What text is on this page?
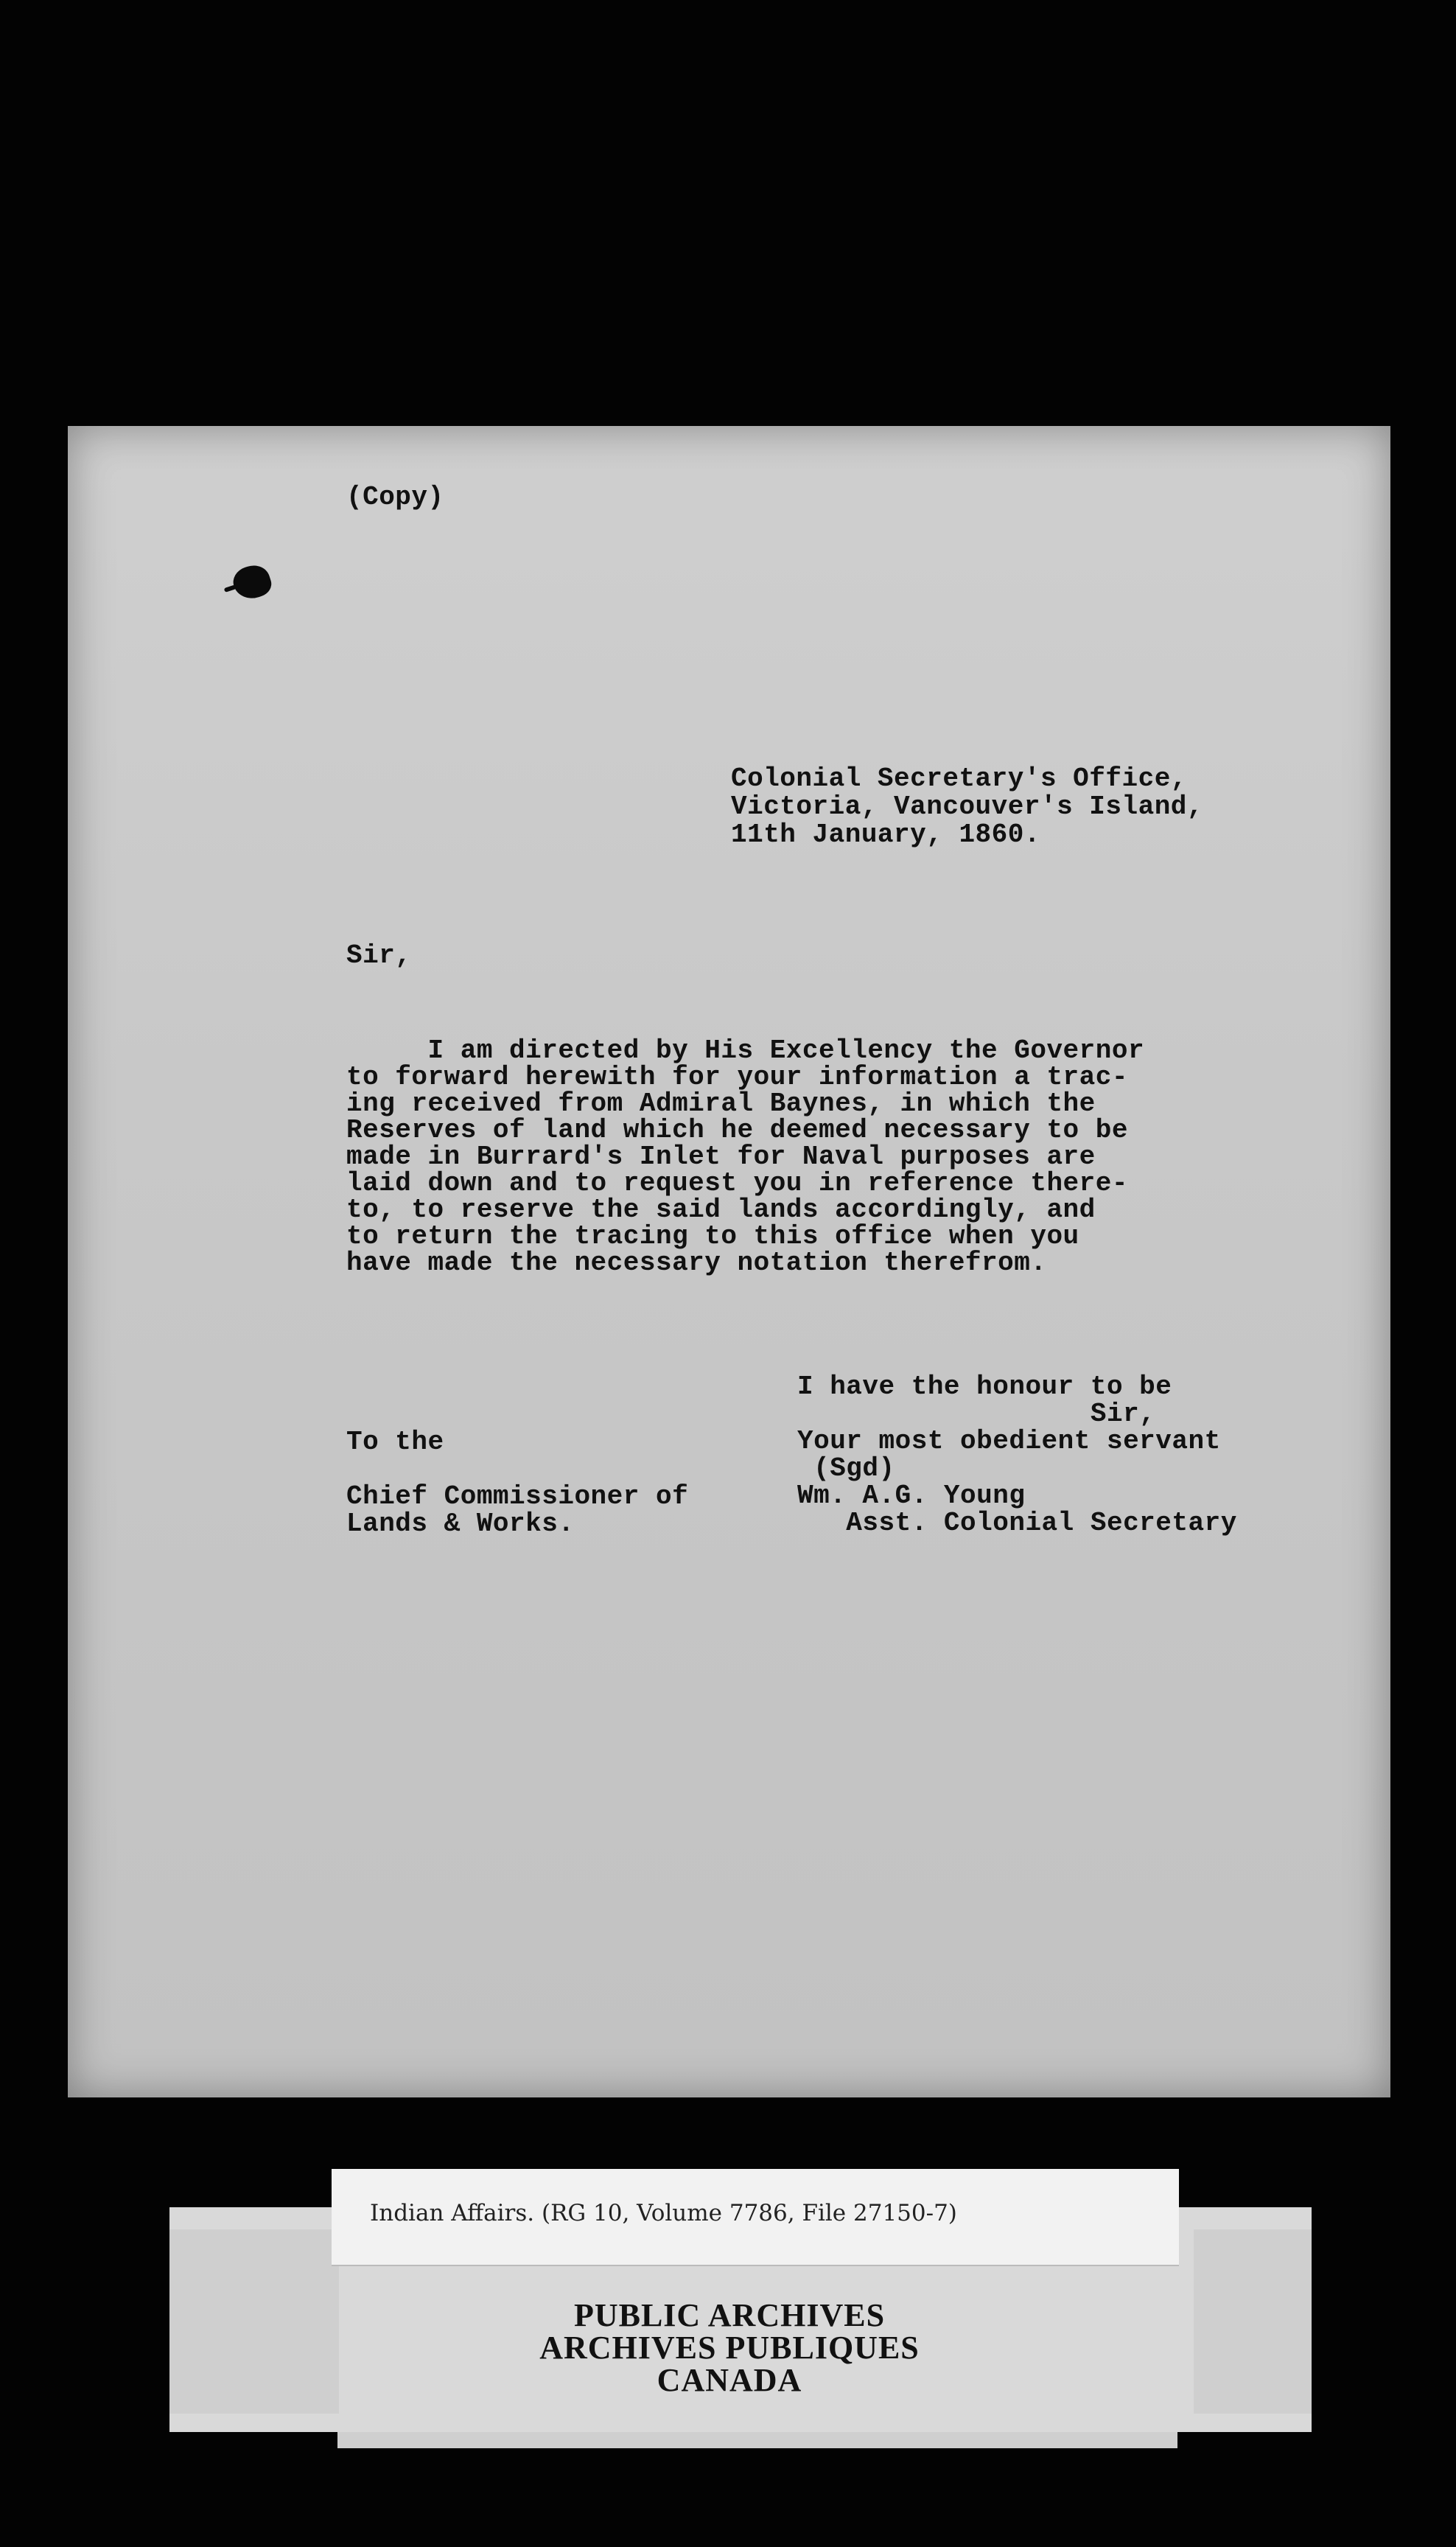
(Copy)
Colonial Secretary's Office,
Victoria, Vancouver's Island,
11th January, 1860.
Sir,
I am directed by His Excellency the Governor
to forward herewith for your information a trac-
ing received from Admiral Baynes, in which the
Reserves of land which he deemed necessary to be
made in Burrard's Inlet for Naval purposes are
laid down and to request you in reference there-
to, to reserve the said lands accordingly, and
to return the tracing to this office when you
have made the necessary notation therefrom.
I have the honour to be
Sir,
Your most obedient servant
(Sgd)
Wm. A.G. Young
Asst. Colonial Secretary
To the

Chief Commissioner of
Lands & Works.
Indian Affairs. (RG 10, Volume 7786, File 27150-7)
PUBLIC ARCHIVES
ARCHIVES PUBLIQUES
CANADA
